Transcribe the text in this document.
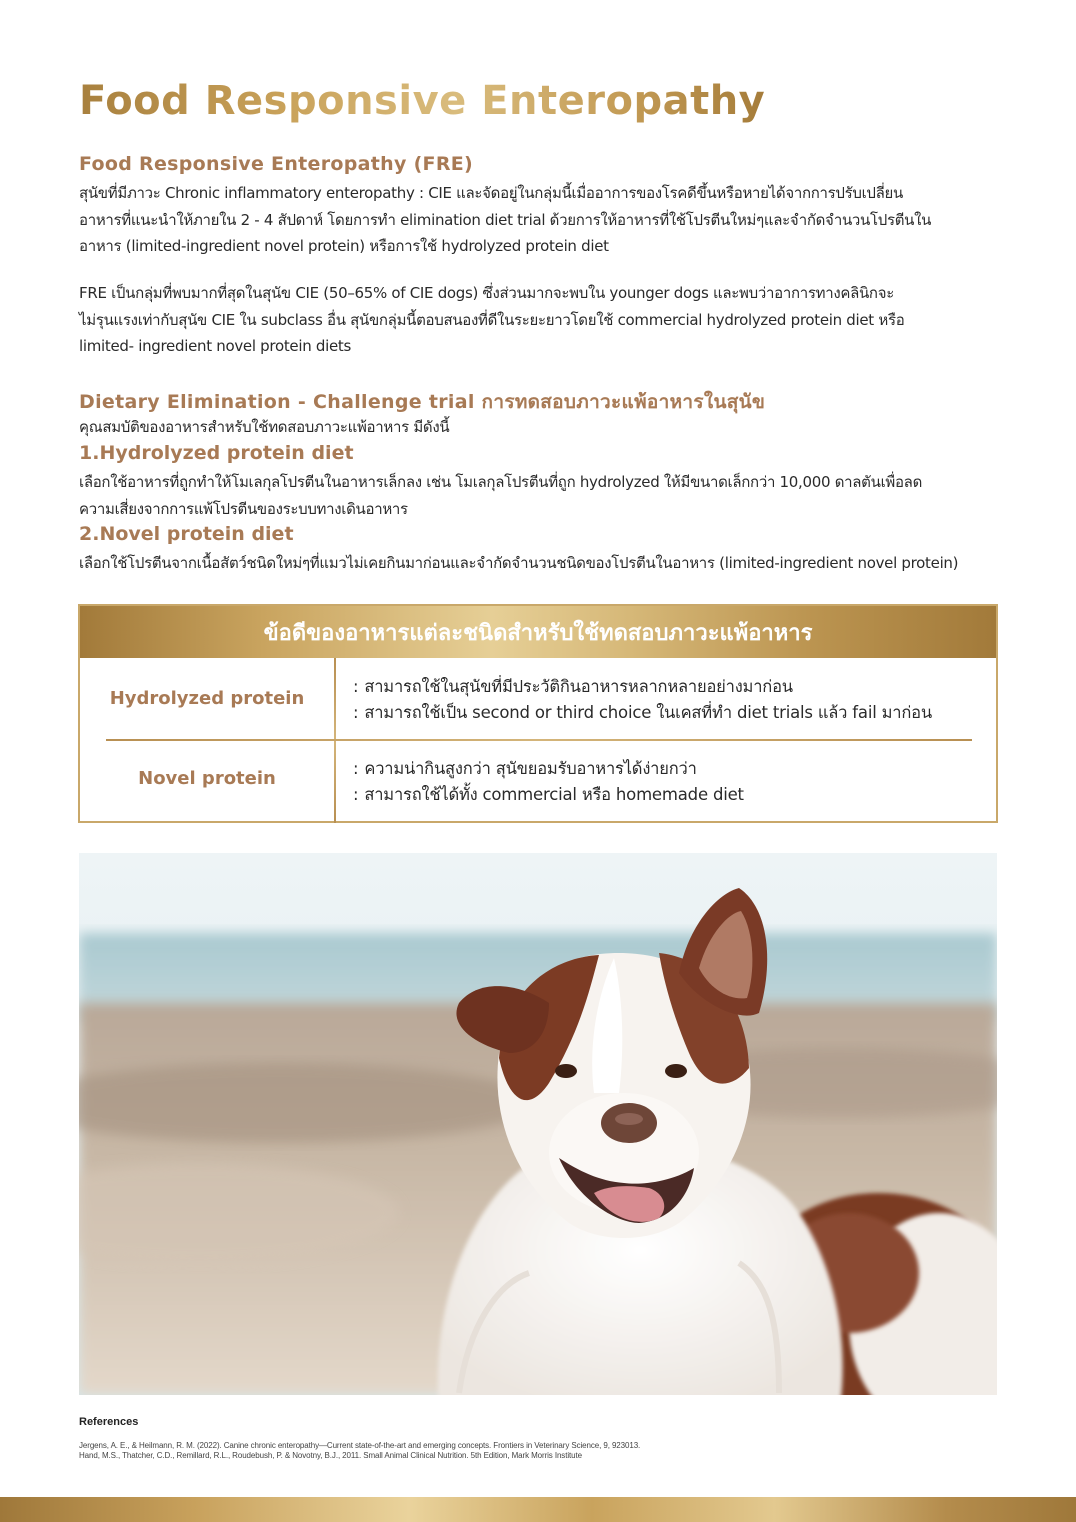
Food Responsive Enteropathy
Food Responsive Enteropathy (FRE)
สุนัขที่มีภาวะ Chronic inflammatory enteropathy : CIE และจัดอยู่ในกลุ่มนี้เมื่ออาการของโรคดีขึ้นหรือหายได้จากการปรับเปลี่ยน
อาหารที่แนะนำให้ภายใน 2 - 4 สัปดาห์ โดยการทำ elimination diet trial ด้วยการให้อาหารที่ใช้โปรตีนใหม่ๆและจำกัดจำนวนโปรตีนใน
อาหาร (limited-ingredient novel protein) หรือการใช้ hydrolyzed protein diet
FRE เป็นกลุ่มที่พบมากที่สุดในสุนัข CIE (50–65% of CIE dogs) ซึ่งส่วนมากจะพบใน younger dogs และพบว่าอาการทางคลินิกจะ
ไม่รุนแรงเท่ากับสุนัข CIE ใน subclass อื่น สุนัขกลุ่มนี้ตอบสนองที่ดีในระยะยาวโดยใช้ commercial hydrolyzed protein diet หรือ
limited- ingredient novel protein diets
Dietary Elimination - Challenge trial การทดสอบภาวะแพ้อาหารในสุนัข
คุณสมบัติของอาหารสำหรับใช้ทดสอบภาวะแพ้อาหาร มีดังนี้
1.Hydrolyzed protein diet
เลือกใช้อาหารที่ถูกทำให้โมเลกุลโปรตีนในอาหารเล็กลง เช่น โมเลกุลโปรตีนที่ถูก hydrolyzed ให้มีขนาดเล็กกว่า 10,000 ดาลตันเพื่อลด
ความเสี่ยงจากการแพ้โปรตีนของระบบทางเดินอาหาร
2.Novel protein diet
เลือกใช้โปรตีนจากเนื้อสัตว์ชนิดใหม่ๆที่แมวไม่เคยกินมาก่อนและจำกัดจำนวนชนิดของโปรตีนในอาหาร (limited-ingredient novel protein)
ข้อดีของอาหารแต่ละชนิดสำหรับใช้ทดสอบภาวะแพ้อาหาร
Hydrolyzed protein
: สามารถใช้ในสุนัขที่มีประวัติกินอาหารหลากหลายอย่างมาก่อน
: สามารถใช้เป็น second or third choice ในเคสที่ทำ diet trials แล้ว fail มาก่อน
Novel protein	: ความน่ากินสูงกว่า สุนัขยอมรับอาหารได้ง่ายกว่า
: สามารถใช้ได้ทั้ง commercial หรือ homemade diet
References
Jergens, A. E., & Heilmann, R. M. (2022). Canine chronic enteropathy—Current state-of-the-art and emerging concepts. Frontiers in Veterinary Science, 9, 923013.
Hand, M.S., Thatcher, C.D., Remillard, R.L., Roudebush, P. & Novotny, B.J., 2011. Small Animal Clinical Nutrition. 5th Edition, Mark Morris Institute
